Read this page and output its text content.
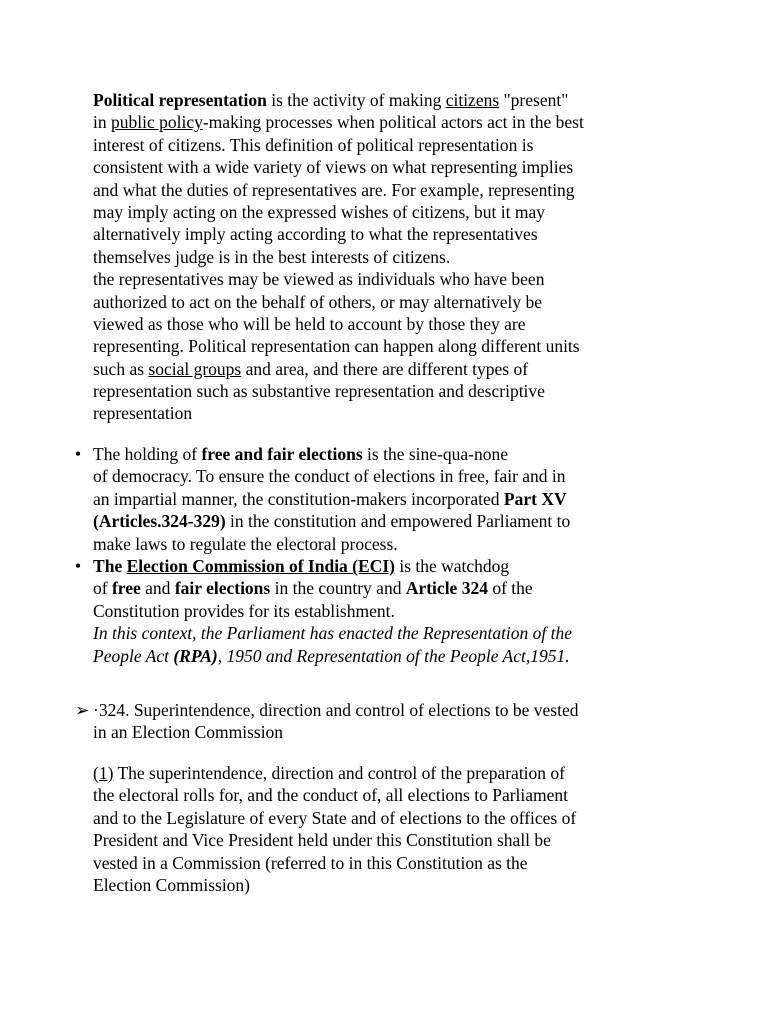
Political representation is the activity of making citizens "present"
in public policy-making processes when political actors act in the best
interest of citizens. This definition of political representation is
consistent with a wide variety of views on what representing implies
and what the duties of representatives are. For example, representing
may imply acting on the expressed wishes of citizens, but it may
alternatively imply acting according to what the representatives
themselves judge is in the best interests of citizens.
the representatives may be viewed as individuals who have been
authorized to act on the behalf of others, or may alternatively be
viewed as those who will be held to account by those they are
representing. Political representation can happen along different units
such as social groups and area, and there are different types of
representation such as substantive representation and descriptive
representation
• The holding of free and fair elections is the sine-qua-none
of democracy. To ensure the conduct of elections in free, fair and in
an impartial manner, the constitution-makers incorporated Part XV
(Articles.324-329) in the constitution and empowered Parliament to
make laws to regulate the electoral process.
• The Election Commission of India (ECI) is the watchdog
of free and fair elections in the country and Article 324 of the
Constitution provides for its establishment.
In this context, the Parliament has enacted the Representation of the
People Act (RPA), 1950 and Representation of the People Act,1951.
➢ ·324. Superintendence, direction and control of elections to be vested
in an Election Commission
(1) The superintendence, direction and control of the preparation of
the electoral rolls for, and the conduct of, all elections to Parliament
and to the Legislature of every State and of elections to the offices of
President and Vice President held under this Constitution shall be
vested in a Commission (referred to in this Constitution as the
Election Commission)
